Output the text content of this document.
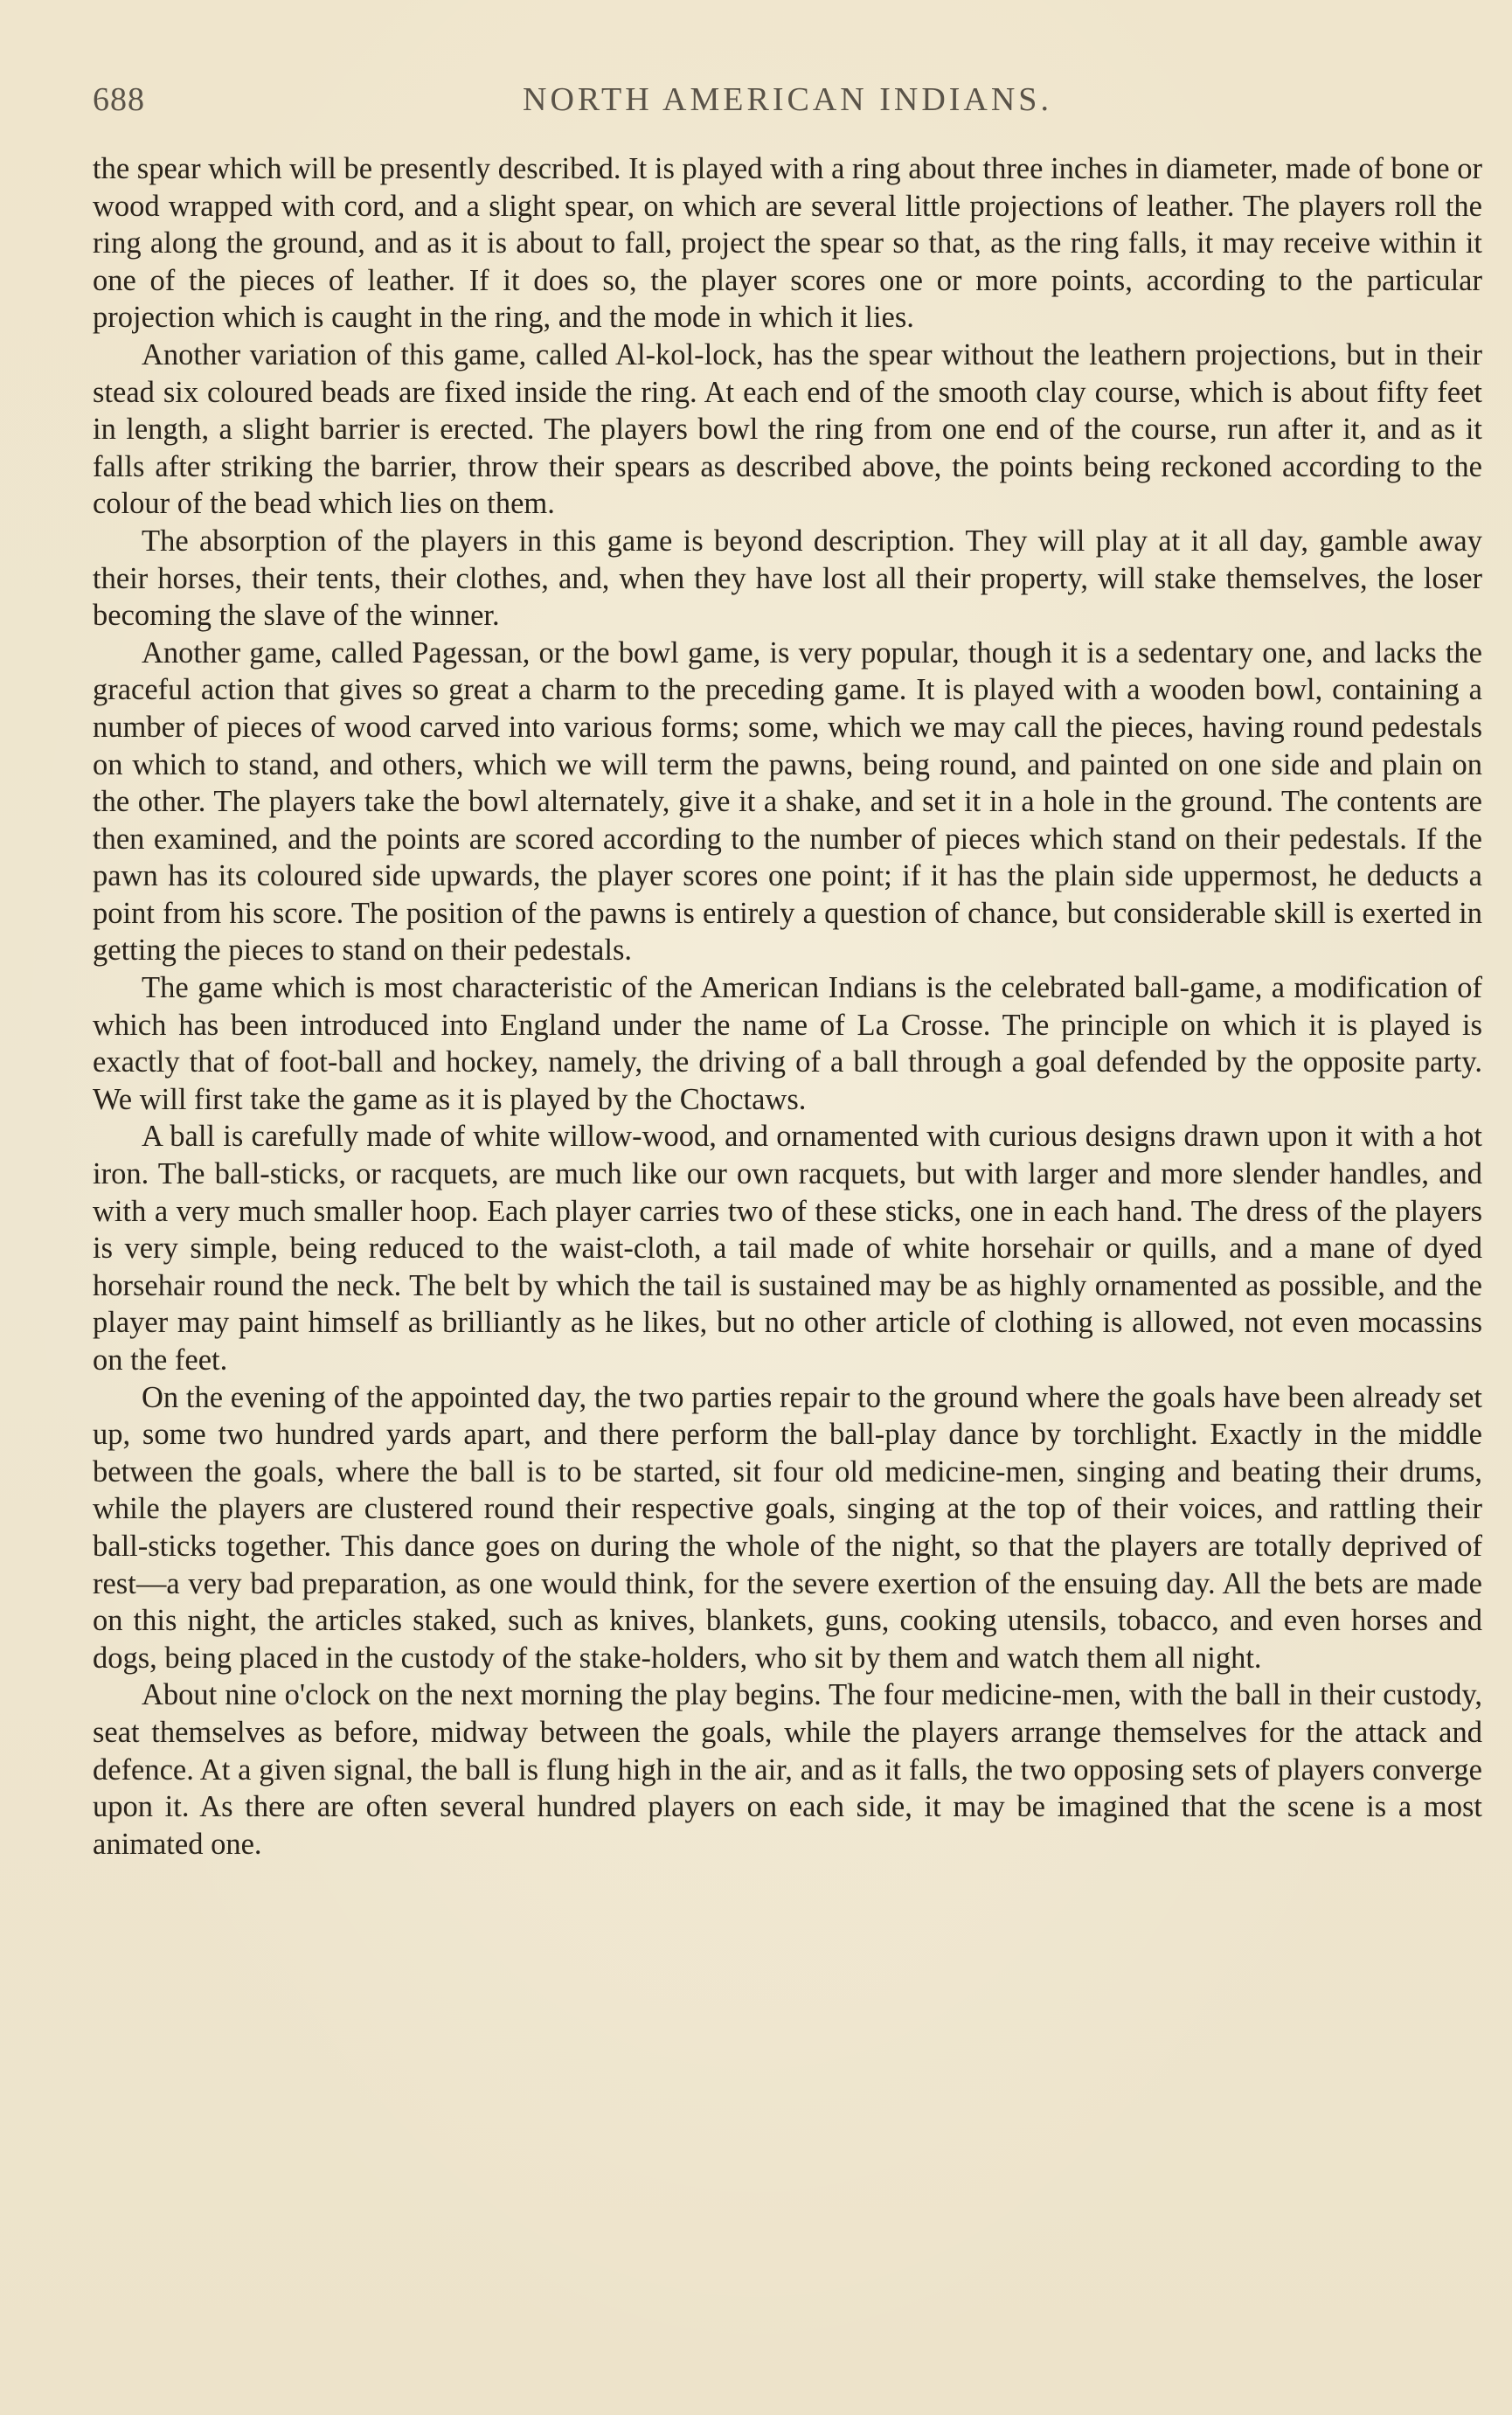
688	NORTH AMERICAN INDIANS.

the spear which will be presently described. It is played with a ring about three inches in diameter, made of bone or wood wrapped with cord, and a slight spear, on which are several little projections of leather. The players roll the ring along the ground, and as it is about to fall, project the spear so that, as the ring falls, it may receive within it one of the pieces of leather. If it does so, the player scores one or more points, according to the particular projection which is caught in the ring, and the mode in which it lies.

Another variation of this game, called Al-kol-lock, has the spear without the leathern projections, but in their stead six coloured beads are fixed inside the ring. At each end of the smooth clay course, which is about fifty feet in length, a slight barrier is erected. The players bowl the ring from one end of the course, run after it, and as it falls after striking the barrier, throw their spears as described above, the points being reckoned according to the colour of the bead which lies on them.

The absorption of the players in this game is beyond description. They will play at it all day, gamble away their horses, their tents, their clothes, and, when they have lost all their property, will stake themselves, the loser becoming the slave of the winner.

Another game, called Pagessan, or the bowl game, is very popular, though it is a sedentary one, and lacks the graceful action that gives so great a charm to the preceding game. It is played with a wooden bowl, containing a number of pieces of wood carved into various forms; some, which we may call the pieces, having round pedestals on which to stand, and others, which we will term the pawns, being round, and painted on one side and plain on the other. The players take the bowl alternately, give it a shake, and set it in a hole in the ground. The contents are then examined, and the points are scored according to the number of pieces which stand on their pedestals. If the pawn has its coloured side upwards, the player scores one point; if it has the plain side uppermost, he deducts a point from his score. The position of the pawns is entirely a question of chance, but considerable skill is exerted in getting the pieces to stand on their pedestals.

The game which is most characteristic of the American Indians is the celebrated ball-game, a modification of which has been introduced into England under the name of La Crosse. The principle on which it is played is exactly that of foot-ball and hockey, namely, the driving of a ball through a goal defended by the opposite party. We will first take the game as it is played by the Choctaws.

A ball is carefully made of white willow-wood, and ornamented with curious designs drawn upon it with a hot iron. The ball-sticks, or racquets, are much like our own racquets, but with larger and more slender handles, and with a very much smaller hoop. Each player carries two of these sticks, one in each hand. The dress of the players is very simple, being reduced to the waist-cloth, a tail made of white horsehair or quills, and a mane of dyed horsehair round the neck. The belt by which the tail is sustained may be as highly ornamented as possible, and the player may paint himself as brilliantly as he likes, but no other article of clothing is allowed, not even mocassins on the feet.

On the evening of the appointed day, the two parties repair to the ground where the goals have been already set up, some two hundred yards apart, and there perform the ball-play dance by torchlight. Exactly in the middle between the goals, where the ball is to be started, sit four old medicine-men, singing and beating their drums, while the players are clustered round their respective goals, singing at the top of their voices, and rattling their ball-sticks together. This dance goes on during the whole of the night, so that the players are totally deprived of rest—a very bad preparation, as one would think, for the severe exertion of the ensuing day. All the bets are made on this night, the articles staked, such as knives, blankets, guns, cooking utensils, tobacco, and even horses and dogs, being placed in the custody of the stake-holders, who sit by them and watch them all night.

About nine o'clock on the next morning the play begins. The four medicine-men, with the ball in their custody, seat themselves as before, midway between the goals, while the players arrange themselves for the attack and defence. At a given signal, the ball is flung high in the air, and as it falls, the two opposing sets of players converge upon it. As there are often several hundred players on each side, it may be imagined that the scene is a most animated one.
